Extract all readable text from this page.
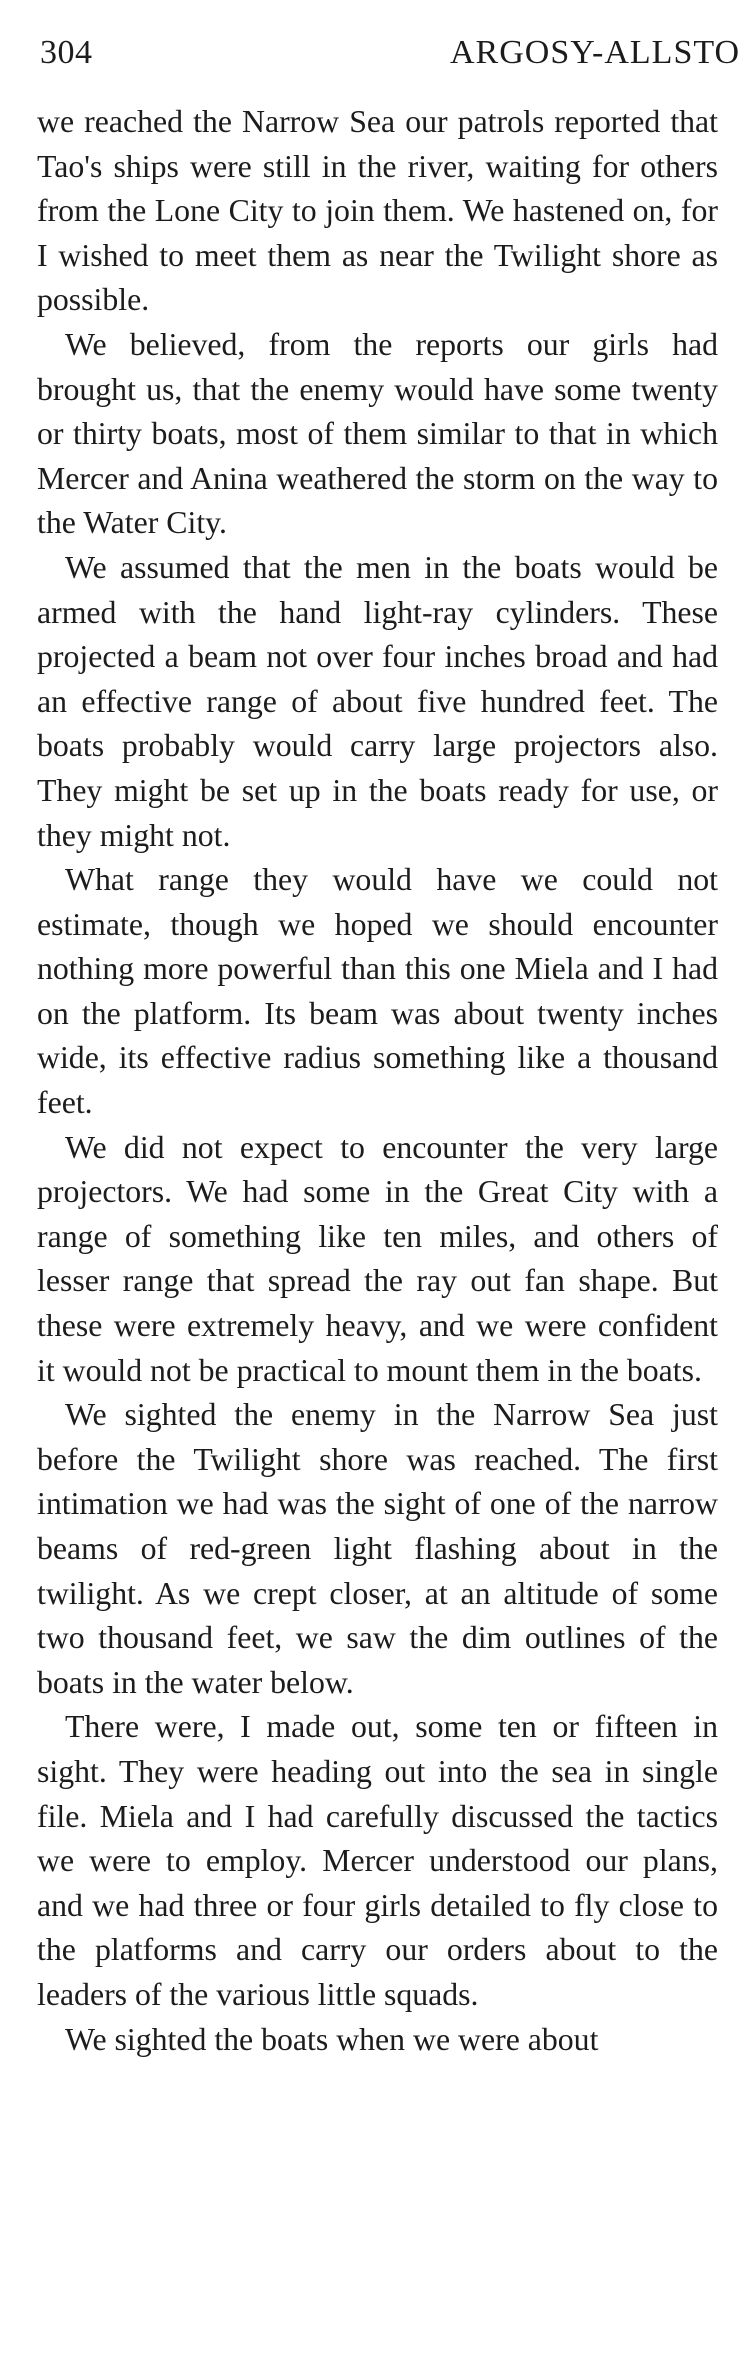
304	ARGOSY-ALLSTO

we reached the Narrow Sea our patrols reported that Tao's ships were still in the river, waiting for others from the Lone City to join them. We hastened on, for I wished to meet them as near the Twilight shore as possible.

We believed, from the reports our girls had brought us, that the enemy would have some twenty or thirty boats, most of them similar to that in which Mercer and Anina weathered the storm on the way to the Water City.

We assumed that the men in the boats would be armed with the hand light-ray cylinders. These projected a beam not over four inches broad and had an effective range of about five hundred feet. The boats probably would carry large projectors also. They might be set up in the boats ready for use, or they might not.

What range they would have we could not estimate, though we hoped we should encounter nothing more powerful than this one Miela and I had on the platform. Its beam was about twenty inches wide, its effective radius something like a thousand feet.

We did not expect to encounter the very large projectors. We had some in the Great City with a range of something like ten miles, and others of lesser range that spread the ray out fan shape. But these were extremely heavy, and we were confident it would not be practical to mount them in the boats.

We sighted the enemy in the Narrow Sea just before the Twilight shore was reached. The first intimation we had was the sight of one of the narrow beams of red-green light flashing about in the twilight. As we crept closer, at an altitude of some two thousand feet, we saw the dim outlines of the boats in the water below.

There were, I made out, some ten or fifteen in sight. They were heading out into the sea in single file. Miela and I had carefully discussed the tactics we were to employ. Mercer understood our plans, and we had three or four girls detailed to fly close to the platforms and carry our orders about to the leaders of the various little squads.

We sighted the boats when we were about
